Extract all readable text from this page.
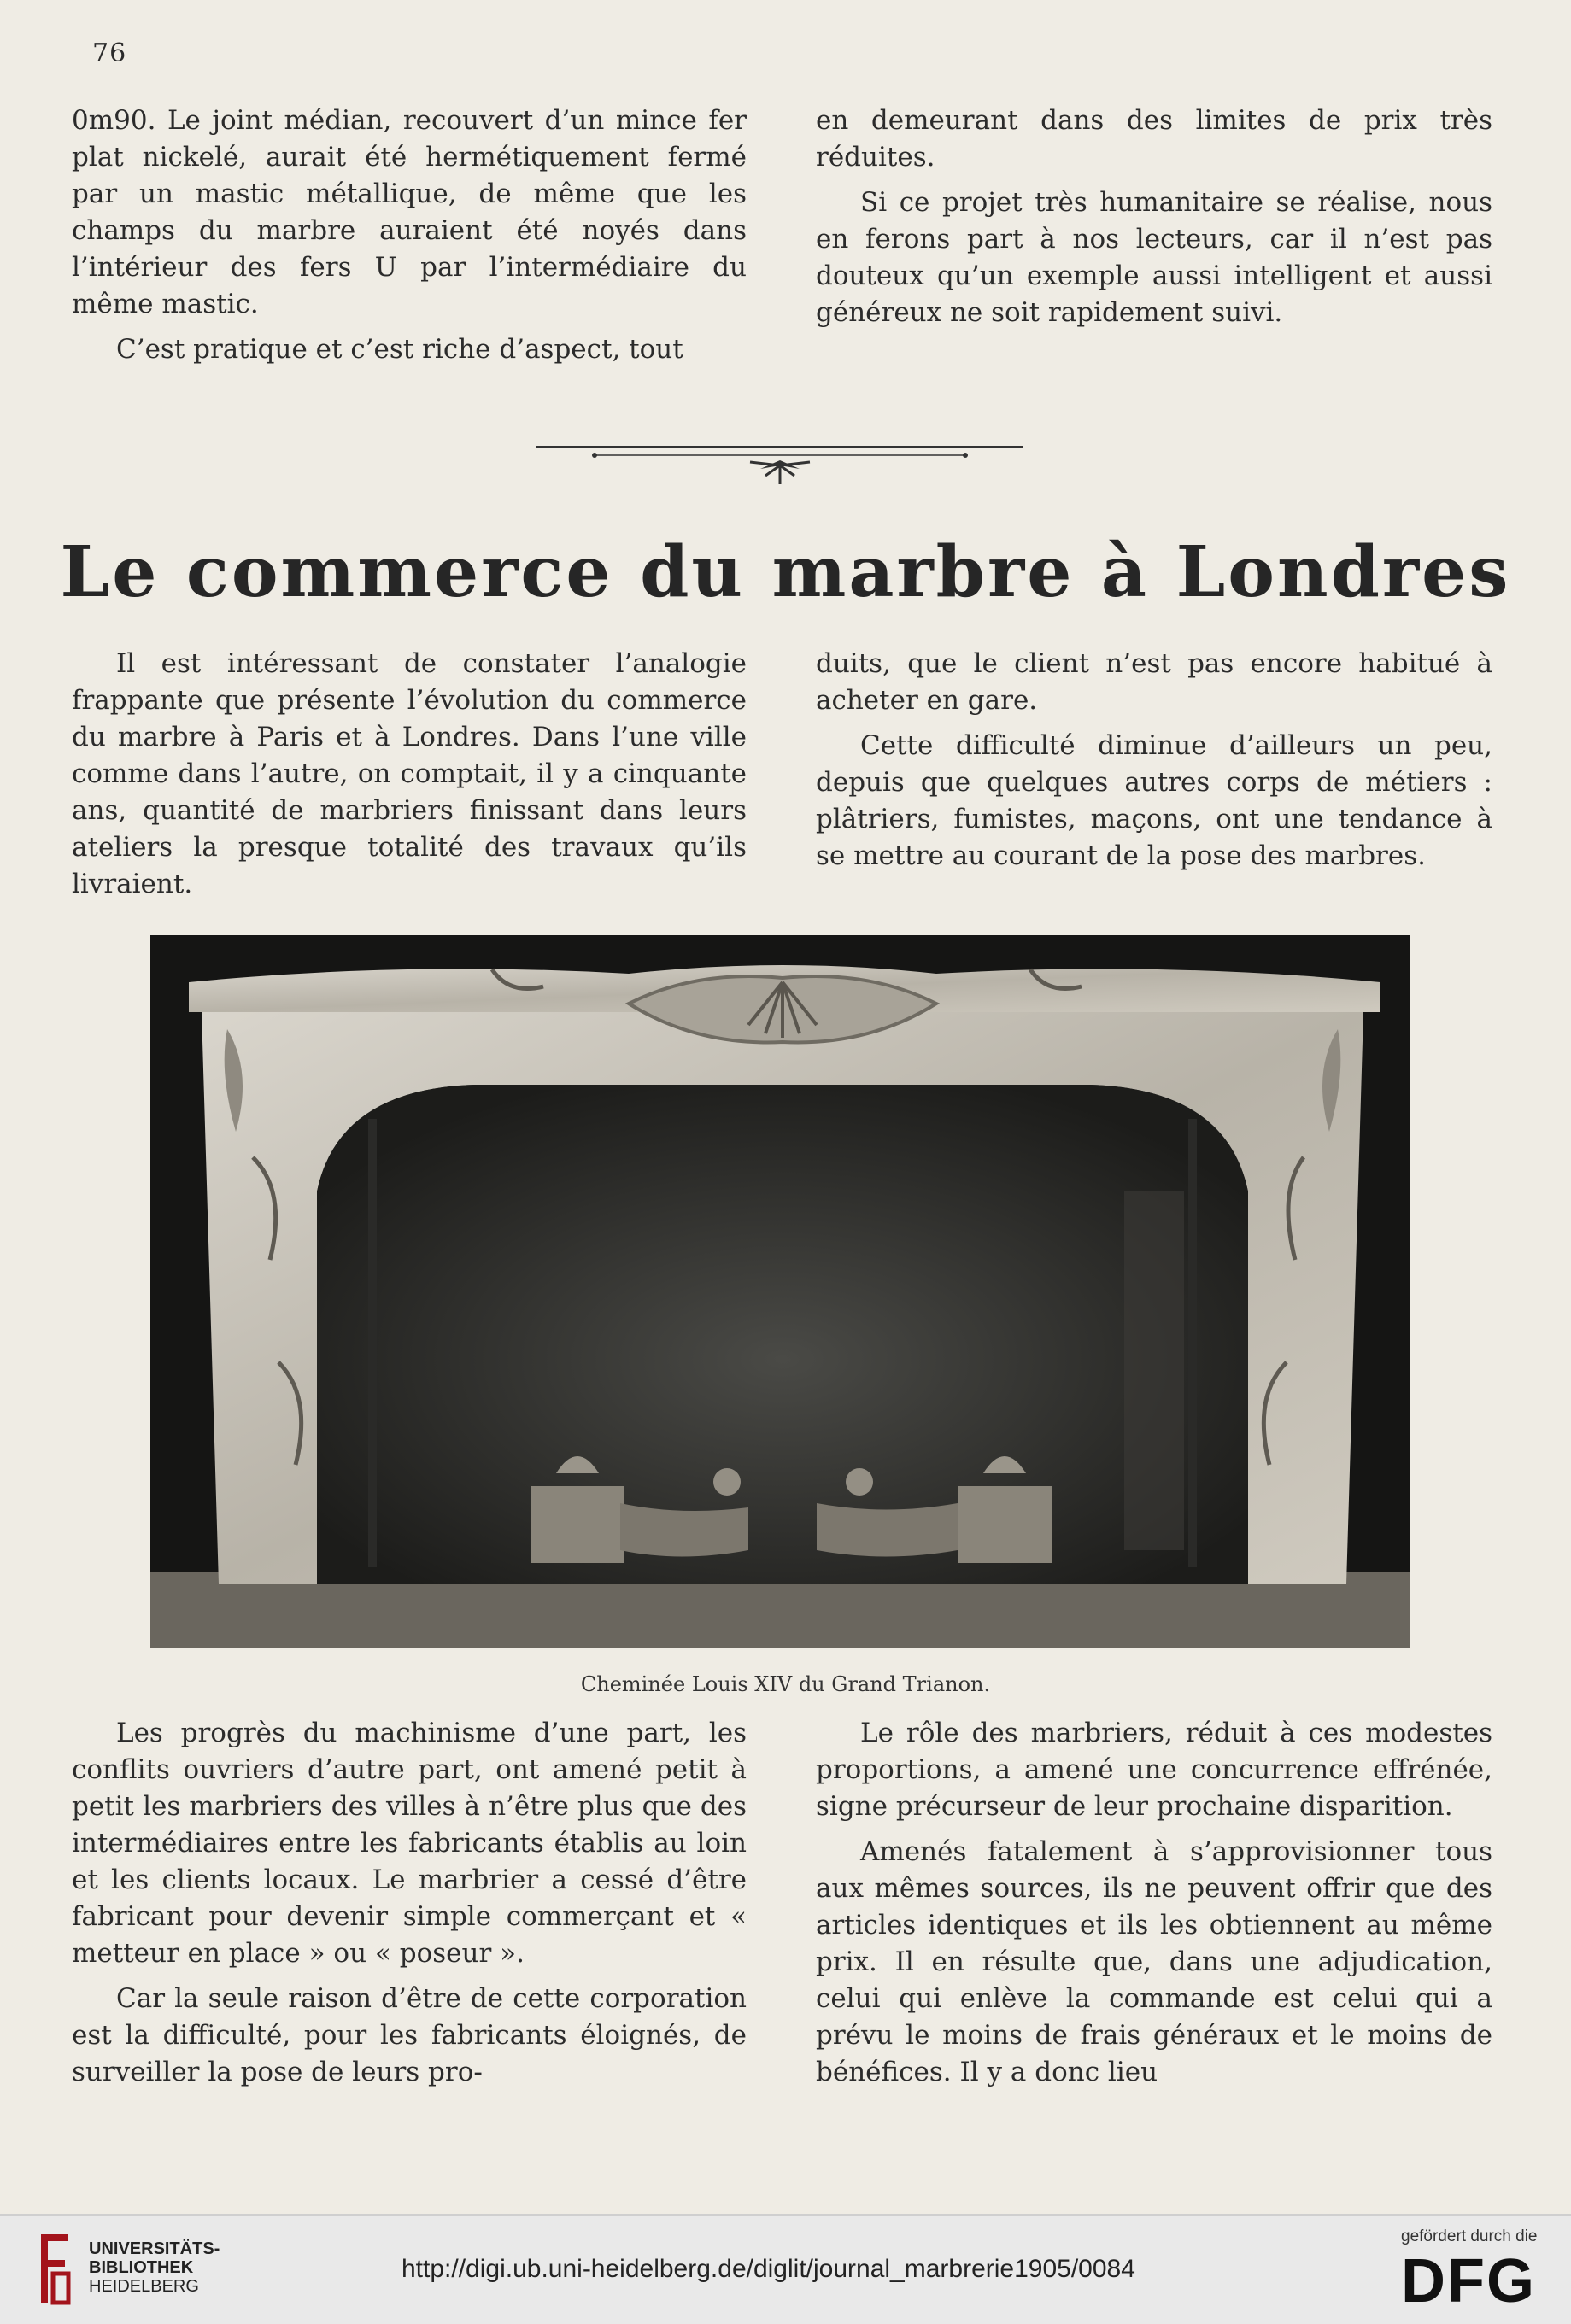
76

0m90. Le joint médian, recouvert d’un mince fer plat nickelé, aurait été hermétiquement fermé par un mastic métallique, de même que les champs du marbre auraient été noyés dans l’intérieur des fers U par l’intermédiaire du même mastic.

C’est pratique et c’est riche d’aspect, tout

en demeurant dans des limites de prix très réduites.

Si ce projet très humanitaire se réalise, nous en ferons part à nos lecteurs, car il n’est pas douteux qu’un exemple aussi intelligent et aussi généreux ne soit rapidement suivi.

Le commerce du marbre à Londres

Il est intéressant de constater l’analogie frappante que présente l’évolution du commerce du marbre à Paris et à Londres. Dans l’une ville comme dans l’autre, on comptait, il y a cinquante ans, quantité de marbriers finissant dans leurs ateliers la presque totalité des travaux qu’ils livraient.

duits, que le client n’est pas encore habitué à acheter en gare.

Cette difficulté diminue d’ailleurs un peu, depuis que quelques autres corps de métiers : plâtriers, fumistes, maçons, ont une tendance à se mettre au courant de la pose des marbres.

Cheminée Louis XIV du Grand Trianon.

Les progrès du machinisme d’une part, les conflits ouvriers d’autre part, ont amené petit à petit les marbriers des villes à n’être plus que des intermédiaires entre les fabricants établis au loin et les clients locaux. Le marbrier a cessé d’être fabricant pour devenir simple commerçant et « metteur en place » ou « poseur ».

Car la seule raison d’être de cette corporation est la difficulté, pour les fabricants éloignés, de surveiller la pose de leurs pro-

Le rôle des marbriers, réduit à ces modestes proportions, a amené une concurrence effrénée, signe précurseur de leur prochaine disparition.

Amenés fatalement à s’approvisionner tous aux mêmes sources, ils ne peuvent offrir que des articles identiques et ils les obtiennent au même prix. Il en résulte que, dans une adjudication, celui qui enlève la commande est celui qui a prévu le moins de frais généraux et le moins de bénéfices. Il y a donc lieu

UNIVERSITÄTS-
BIBLIOTHEK
HEIDELBERG
http://digi.ub.uni-heidelberg.de/diglit/journal_marbrerie1905/0084
gefördert durch die
DFG
